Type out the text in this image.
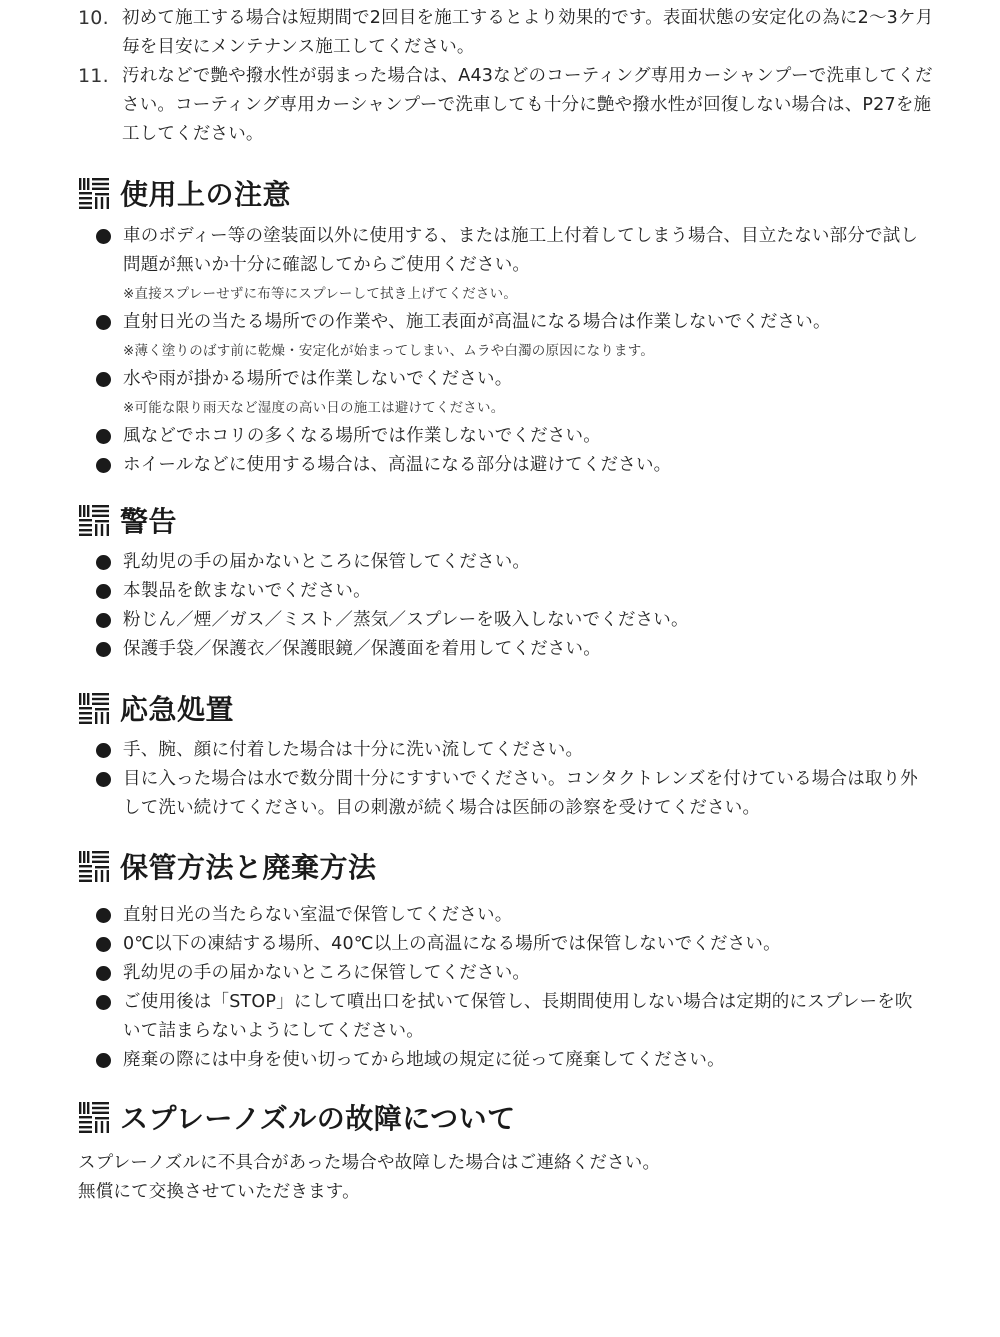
10. 初めて施工する場合は短期間で2回目を施工するとより効果的です。表面状態の安定化の為に2〜3ケ月毎を目安にメンテナンス施工してください。
11. 汚れなどで艶や撥水性が弱まった場合は、A43などのコーティング専用カーシャンプーで洗車してください。コーティング専用カーシャンプーで洗車しても十分に艶や撥水性が回復しない場合は、P27を施工してください。
使用上の注意
車のボディー等の塗装面以外に使用する、または施工上付着してしまう場合、目立たない部分で試し問題が無いか十分に確認してからご使用ください。
※直接スプレーせずに布等にスプレーして拭き上げてください。
直射日光の当たる場所での作業や、施工表面が高温になる場合は作業しないでください。
※薄く塗りのばす前に乾燥・安定化が始まってしまい、ムラや白濁の原因になります。
水や雨が掛かる場所では作業しないでください。
※可能な限り雨天など湿度の高い日の施工は避けてください。
風などでホコリの多くなる場所では作業しないでください。
ホイールなどに使用する場合は、高温になる部分は避けてください。
警告
乳幼児の手の届かないところに保管してください。
本製品を飲まないでください。
粉じん／煙／ガス／ミスト／蒸気／スプレーを吸入しないでください。
保護手袋／保護衣／保護眼鏡／保護面を着用してください。
応急処置
手、腕、顔に付着した場合は十分に洗い流してください。
目に入った場合は水で数分間十分にすすいでください。コンタクトレンズを付けている場合は取り外して洗い続けてください。目の刺激が続く場合は医師の診察を受けてください。
保管方法と廃棄方法
直射日光の当たらない室温で保管してください。
0℃以下の凍結する場所、40℃以上の高温になる場所では保管しないでください。
乳幼児の手の届かないところに保管してください。
ご使用後は「STOP」にして噴出口を拭いて保管し、長期間使用しない場合は定期的にスプレーを吹いて詰まらないようにしてください。
廃棄の際には中身を使い切ってから地域の規定に従って廃棄してください。
スプレーノズルの故障について
スプレーノズルに不具合があった場合や故障した場合はご連絡ください。
無償にて交換させていただきます。
